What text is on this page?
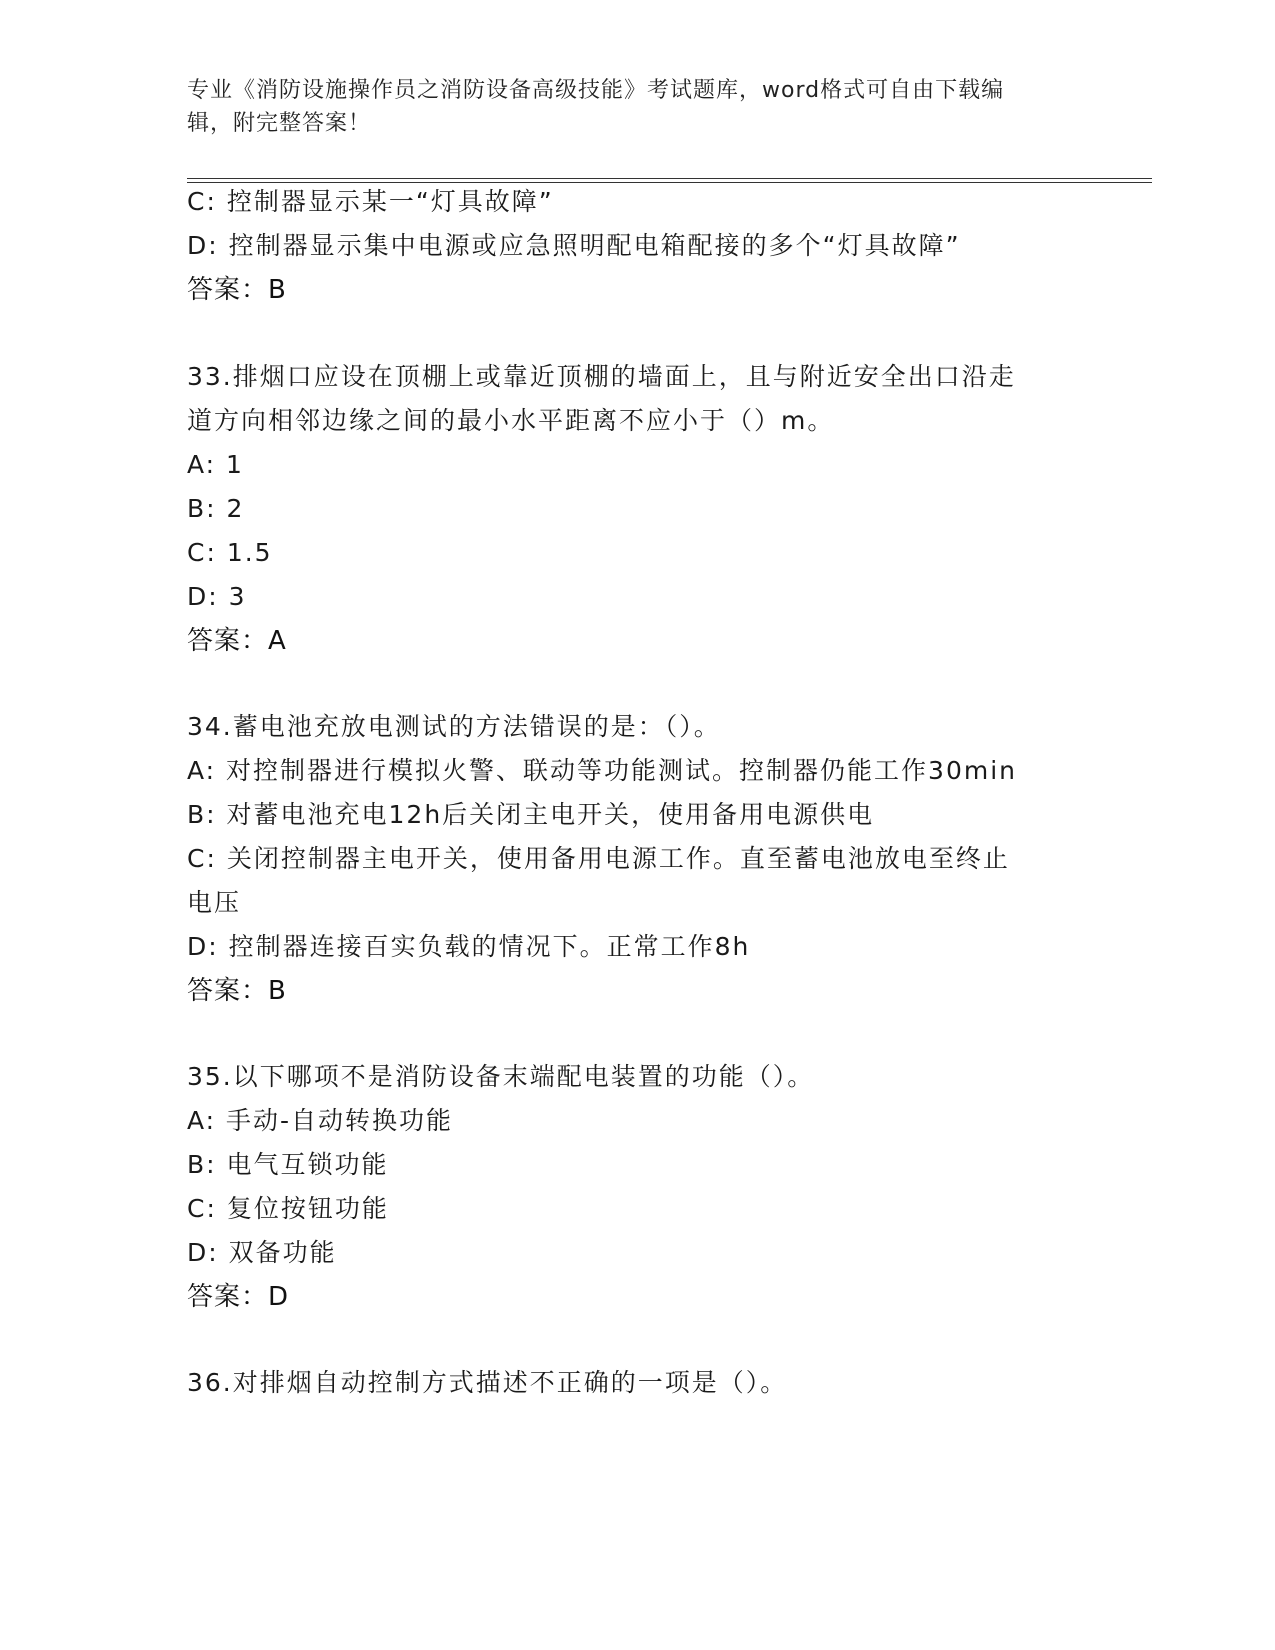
专业《消防设施操作员之消防设备高级技能》考试题库，word格式可自由下载编
辑，附完整答案！
C: 控制器显示某一“灯具故障”
D: 控制器显示集中电源或应急照明配电箱配接的多个“灯具故障”
答案：B
33.排烟口应设在顶棚上或靠近顶棚的墙面上，且与附近安全出口沿走
道方向相邻边缘之间的最小水平距离不应小于（）m。
A: 1
B: 2
C: 1.5
D: 3
答案：A
34.蓄电池充放电测试的方法错误的是：（）。
A: 对控制器进行模拟火警、联动等功能测试。控制器仍能工作30min
B: 对蓄电池充电12h后关闭主电开关，使用备用电源供电
C: 关闭控制器主电开关，使用备用电源工作。直至蓄电池放电至终止
电压
D: 控制器连接百实负载的情况下。正常工作8h
答案：B
35.以下哪项不是消防设备末端配电装置的功能（）。
A: 手动-自动转换功能
B: 电气互锁功能
C: 复位按钮功能
D: 双备功能
答案：D
36.对排烟自动控制方式描述不正确的一项是（）。
